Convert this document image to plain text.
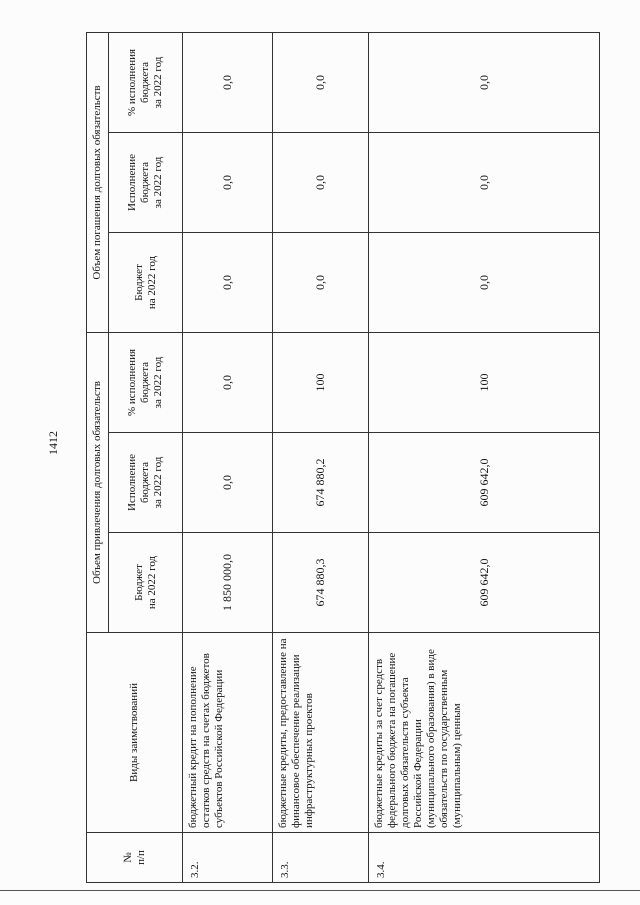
1412
№
п/п	Виды заимствований	Объем привлечения долговых обязательств			Объем погашения долговых обязательств		
		Бюджет
на 2022 год	Исполнение
бюджета
за 2022 год	% исполнения
бюджета
за 2022 год	Бюджет
на 2022 год	Исполнение
бюджета
за 2022 год	% исполнения
бюджета
за 2022 год
3.2.	бюджетный кредит на пополнение остатков средств на счетах бюджетов субъектов Российской Федерации	1 850 000,0	0,0	0,0	0,0	0,0	0,0
3.3.	бюджетные кредиты, предоставление на финансовое обеспечение реализации инфраструктурных проектов	674 880,3	674 880,2	100	0,0	0,0	0,0
3.4.	бюджетные кредиты за счет средств федерального бюджета на погашение долговых обязательств субъекта Российской Федерации (муниципального образования) в виде обязательств по государственным (муниципальным) ценным	609 642,0	609 642,0	100	0,0	0,0	0,0
